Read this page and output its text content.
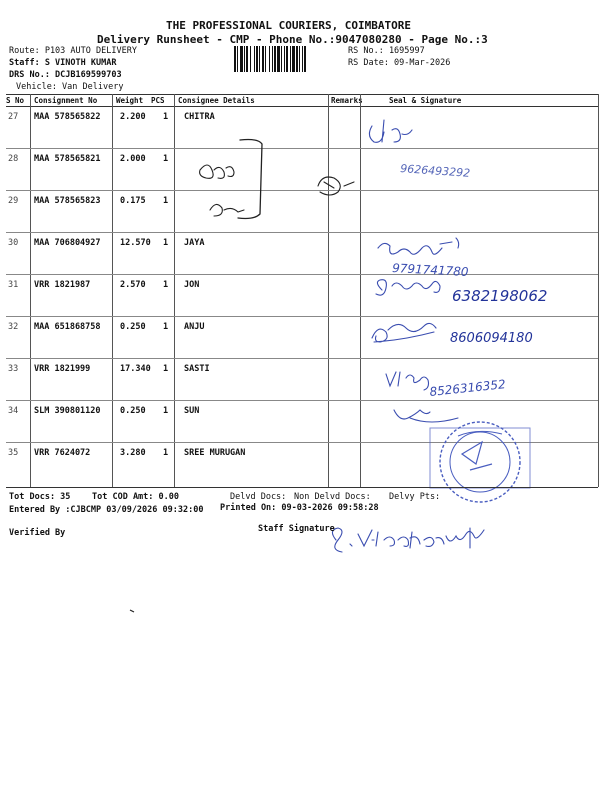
THE PROFESSIONAL COURIERS, COIMBATORE
Delivery Runsheet - CMP - Phone No.:9047080280 - Page No.:3
Route: P103 AUTO DELIVERY
Staff: S VINOTH KUMAR
DRS No.: DCJB169599703
Vehicle: Van Delivery
RS No.: 1695997
RS Date: 09-Mar-2026
S No Consignment No	Weight PCS Consignee Details	Remarks	Seal & Signature
27 MAA 578565822 2.200 1 CHITRA
28 MAA 578565821 2.000 1
29 MAA 578565823 0.175 1
30 MAA 706804927 12.570 1 JAYA
31 VRR 1821987	2.570 1 JON
32 MAA 651868758 0.250 1 ANJU
33 VRR 1821999	17.340 1 SASTI
34 SLM 390801120 0.250 1 SUN
35 VRR 7624072	3.280 1 SREE MURUGAN
9626493292
9791741780
6382198062
8606094180
8526316352
Tot Docs: 35	Tot COD Amt: 0.00	Delvd Docs: Non Delvd Docs: Delvy Pts:
Entered By :CJBCMP 03/09/2026 09:32:00 Printed On: 09-03-2026 09:58:28
Verified By	Staff Signature
